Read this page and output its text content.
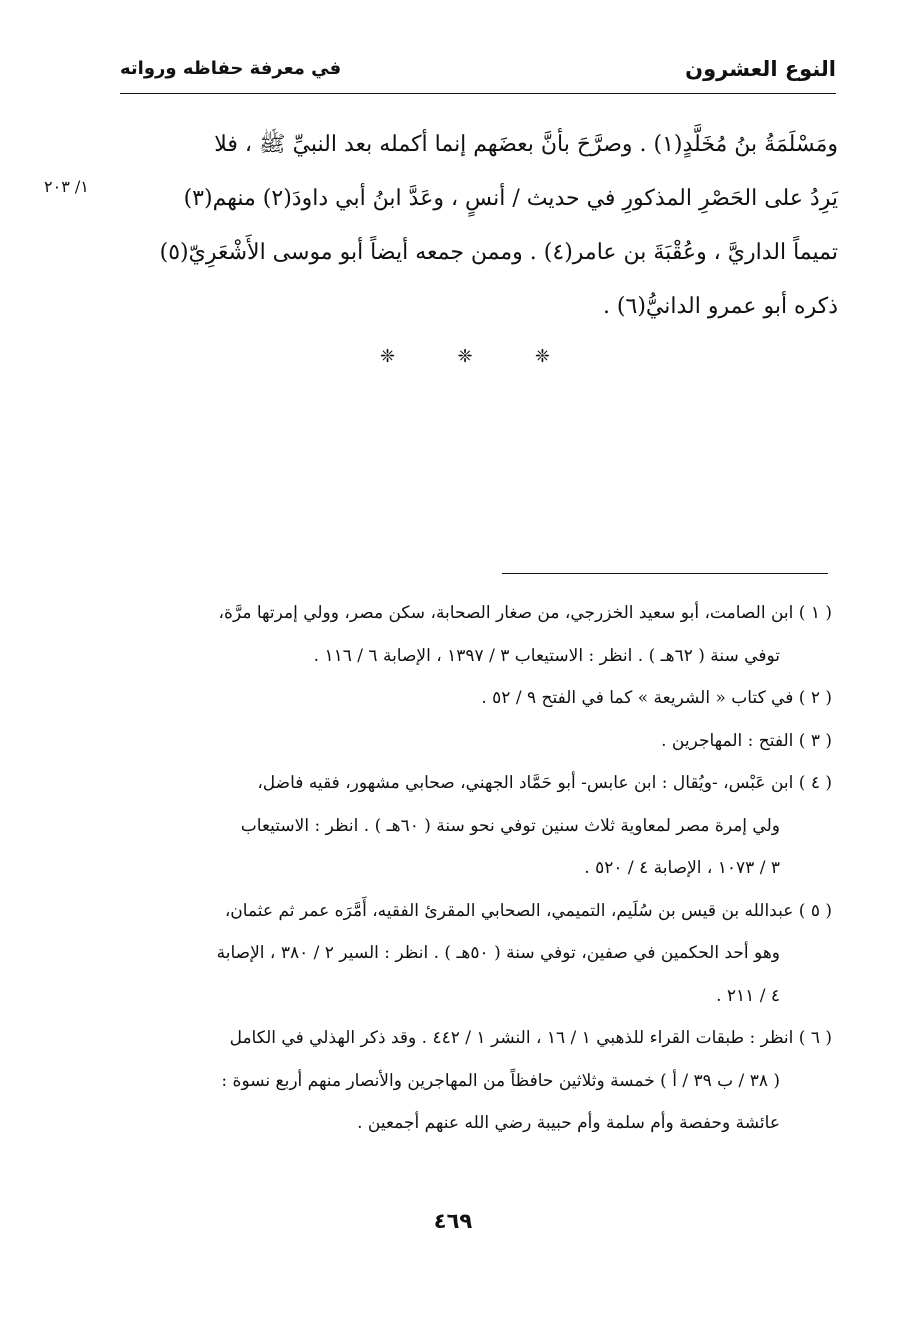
النوع العشرون
في معرفة حفاظه ورواته
ومَسْلَمَةُ بنُ مُخَلَّدٍ(١) . وصرَّحَ بأنَّ بعضَهم إنما أكمله بعد النبيِّ ﷺ ، فلا
يَرِدُ على الحَصْرِ المذكورِ في حديث / أنسٍ ، وعَدَّ ابنُ أبي داودَ(٢) منهم(٣)
تميماً الداريَّ ، وعُقْبَةَ بن عامر(٤) . وممن جمعه أيضاً أبو موسى الأَشْعَرِيّ(٥)
ذكره أبو عمرو الدانيُّ(٦) .
١/ ٢٠٣
❈	❈	❈
( ١ ) ابن الصامت، أبو سعيد الخزرجي، من صغار الصحابة، سكن مصر، وولي إمرتها مرَّة،
توفي سنة ( ٦٢هـ ) . انظر : الاستيعاب ٣ / ١٣٩٧ ، الإصابة ٦ / ١١٦ .
( ٢ ) في كتاب « الشريعة » كما في الفتح ٩ / ٥٢ .
( ٣ ) الفتح : المهاجرين .
( ٤ ) ابن عَبْس، -ويُقال : ابن عابس- أبو حَمَّاد الجهني، صحابي مشهور، فقيه فاضل،
ولي إمرة مصر لمعاوية ثلاث سنين توفي نحو سنة ( ٦٠هـ ) . انظر : الاستيعاب
٣ / ١٠٧٣ ، الإصابة ٤ / ٥٢٠ .
( ٥ ) عبدالله بن قيس بن سُلَيم، التميمي، الصحابي المقرئ الفقيه، أَمَّرَه عمر ثم عثمان،
وهو أحد الحكمين في صفين، توفي سنة ( ٥٠هـ ) . انظر : السير ٢ / ٣٨٠ ، الإصابة
٤ / ٢١١ .
( ٦ ) انظر : طبقات القراء للذهبي ١ / ١٦ ، النشر ١ / ٤٤٢ . وقد ذكر الهذلي في الكامل
( ٣٨ / ب ٣٩ / أ ) خمسة وثلاثين حافظاً من المهاجرين والأنصار منهم أربع نسوة :
عائشة وحفصة وأم سلمة وأم حبيبة رضي الله عنهم أجمعين .
٤٦٩
